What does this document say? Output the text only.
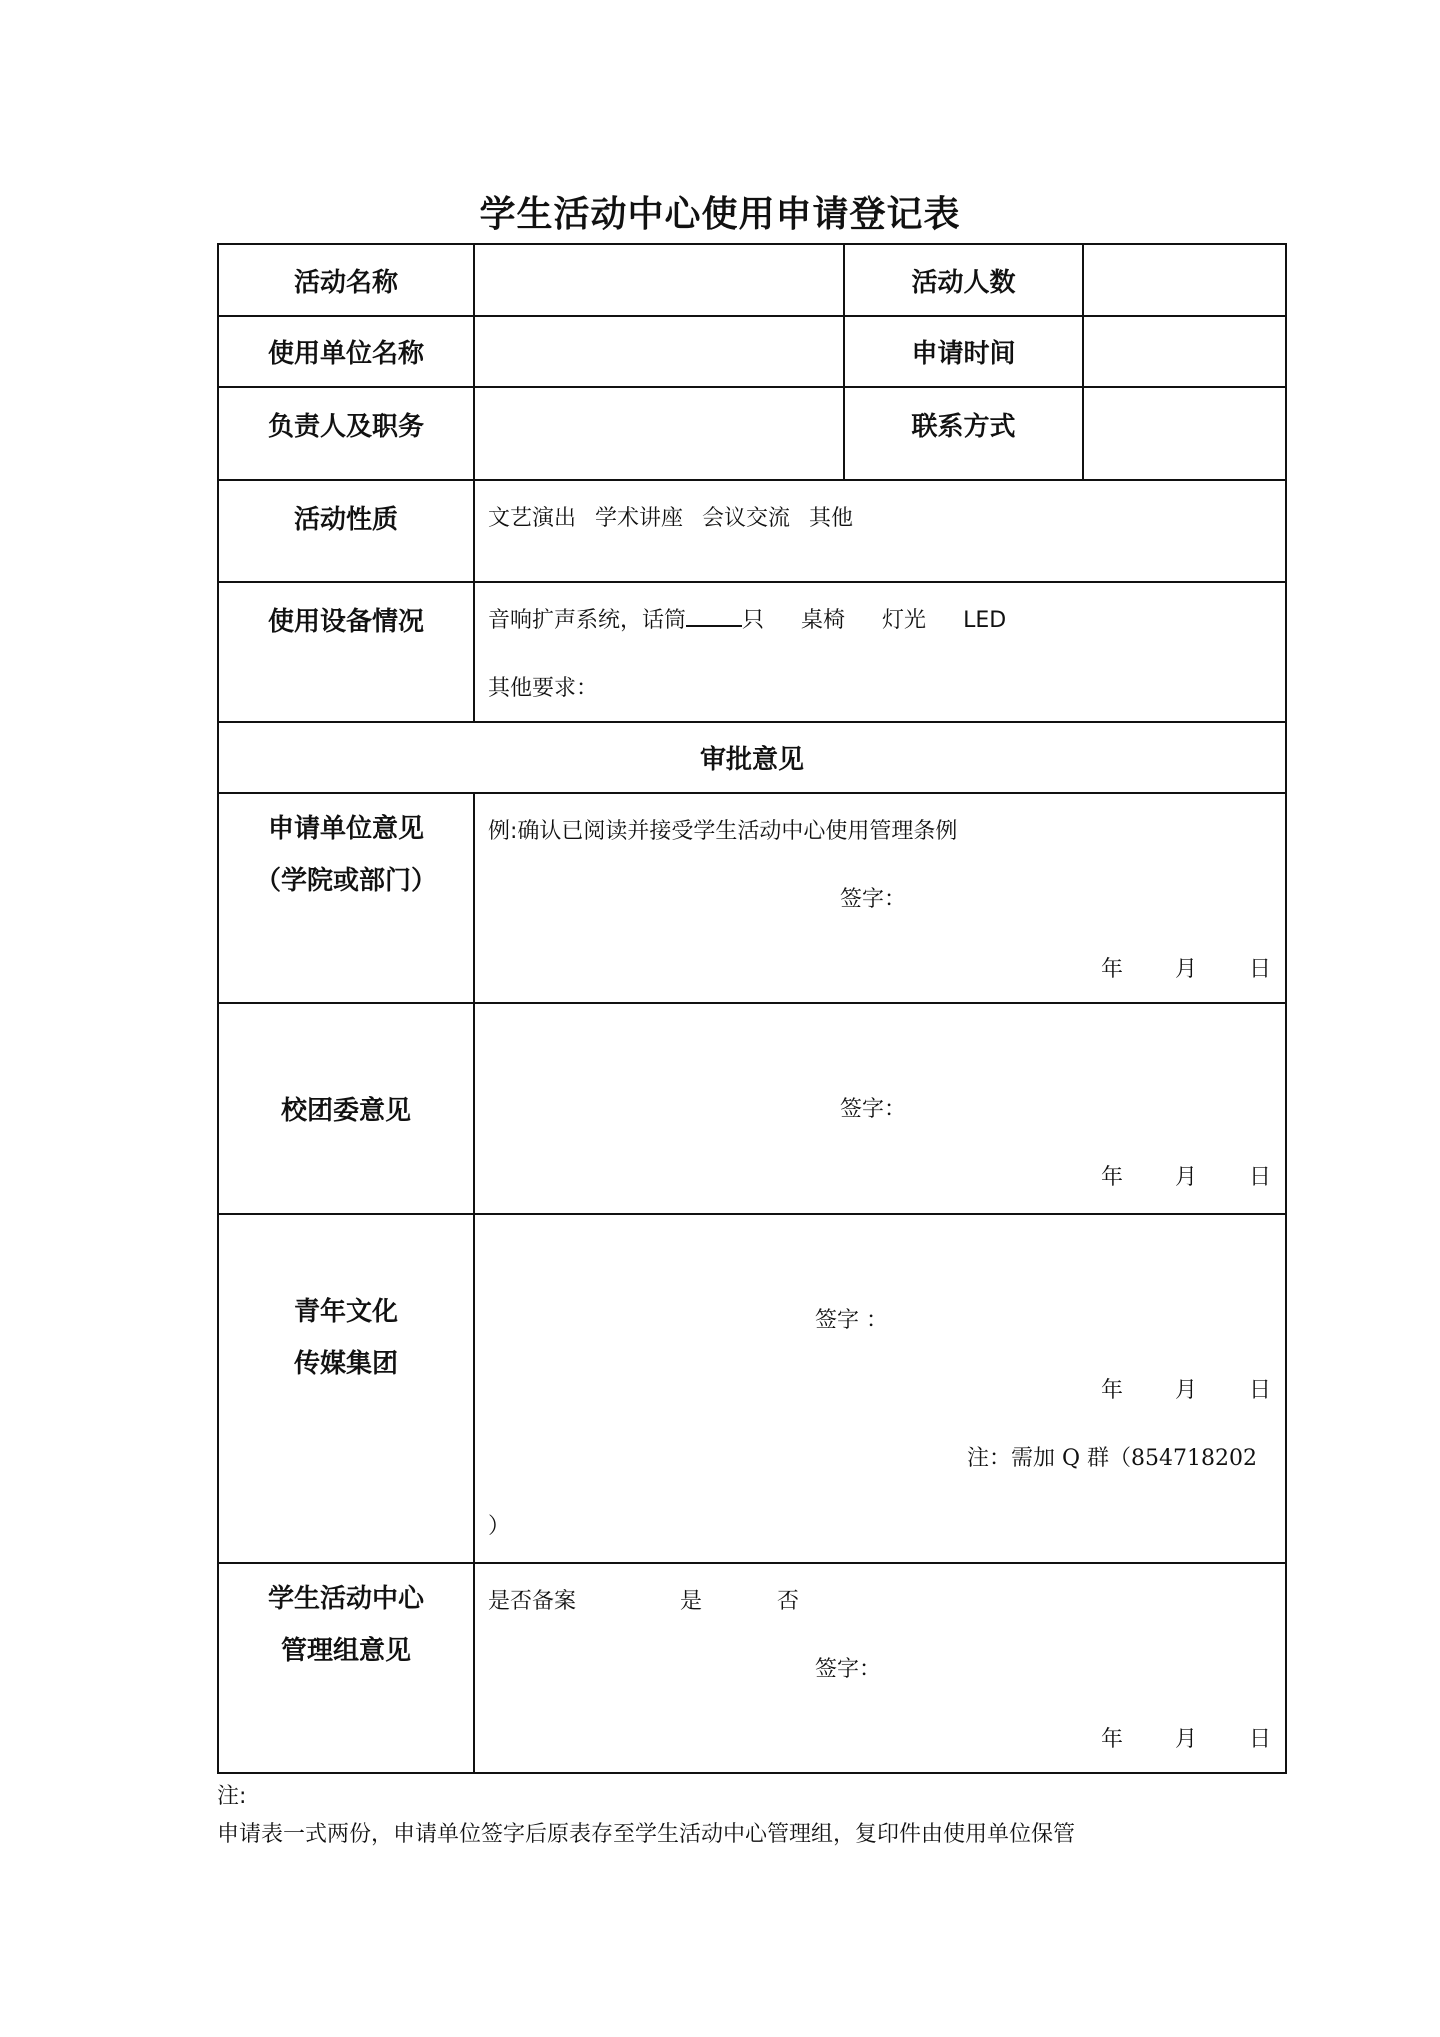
学生活动中心使用申请登记表
活动名称		活动人数	
使用单位名称		申请时间	
负责人及职务		联系方式	
活动性质	文艺演出 学术讲座 会议交流 其他		

使用设备情况	音响扩声系统，话筒 只 桌椅 灯光 LED
其他要求：		

审批意见			

申请单位意见
（学院或部门）	例:确认已阅读并接受学生活动中心使用管理条例
签字：
年 月 日		

校团委意见	签字：
年 月 日		

青年文化
传媒集团	签字 ：
年 月 日
注：需加 Q 群（854718202
）		

学生活动中心
管理组意见	是否备案 是 否
签字：
年 月 日		
注:
申请表一式两份，申请单位签字后原表存至学生活动中心管理组，复印件由使用单位保管
